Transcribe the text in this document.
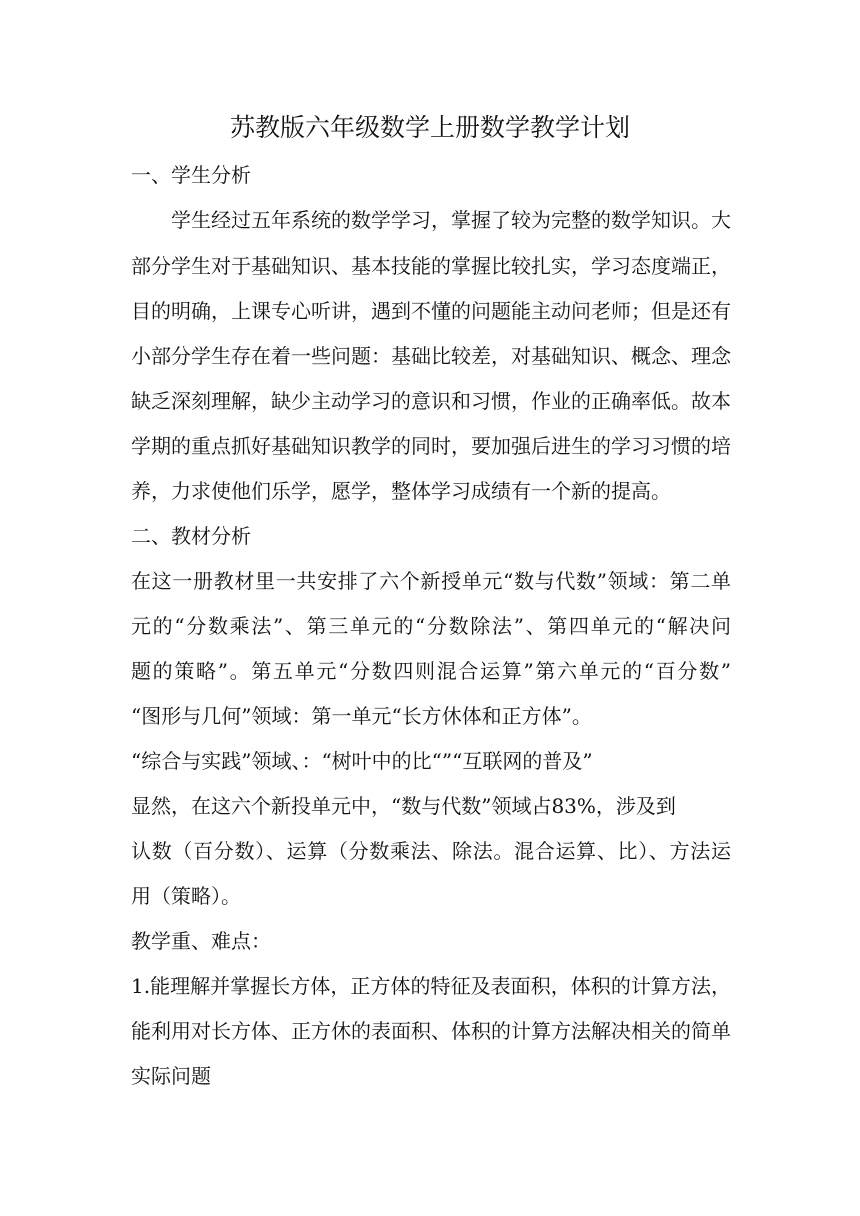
苏教版六年级数学上册数学教学计划
一、学生分析
学生经过五年系统的数学学习，掌握了较为完整的数学知识。大
部分学生对于基础知识、基本技能的掌握比较扎实，学习态度端正，
目的明确，上课专心听讲，遇到不懂的问题能主动问老师；但是还有
小部分学生存在着一些问题：基础比较差，对基础知识、概念、理念
缺乏深刻理解，缺少主动学习的意识和习惯，作业的正确率低。故本
学期的重点抓好基础知识教学的同时，要加强后进生的学习习惯的培
养，力求使他们乐学，愿学，整体学习成绩有一个新的提高。
二、教材分析
在这一册教材里一共安排了六个新授单元“数与代数”领域：第二单
元的“分数乘法”、第三单元的“分数除法”、第四单元的“解决问
题的策略”。第五单元“分数四则混合运算”第六单元的“百分数”
“图形与几何”领域：第一单元“长方休体和正方体”。
“综合与实践”领域、：“树叶中的比“”“互联网的普及”
显然，在这六个新投单元中，“数与代数”领域占83%，涉及到
认数（百分数）、运算（分数乘法、除法。混合运算、比）、方法运
用（策略）。
教学重、难点：
1.能理解并掌握长方体，正方体的特征及表面积，体积的计算方法，
能利用对长方体、正方休的表面积、体积的计算方法解决相关的简单
实际问题
